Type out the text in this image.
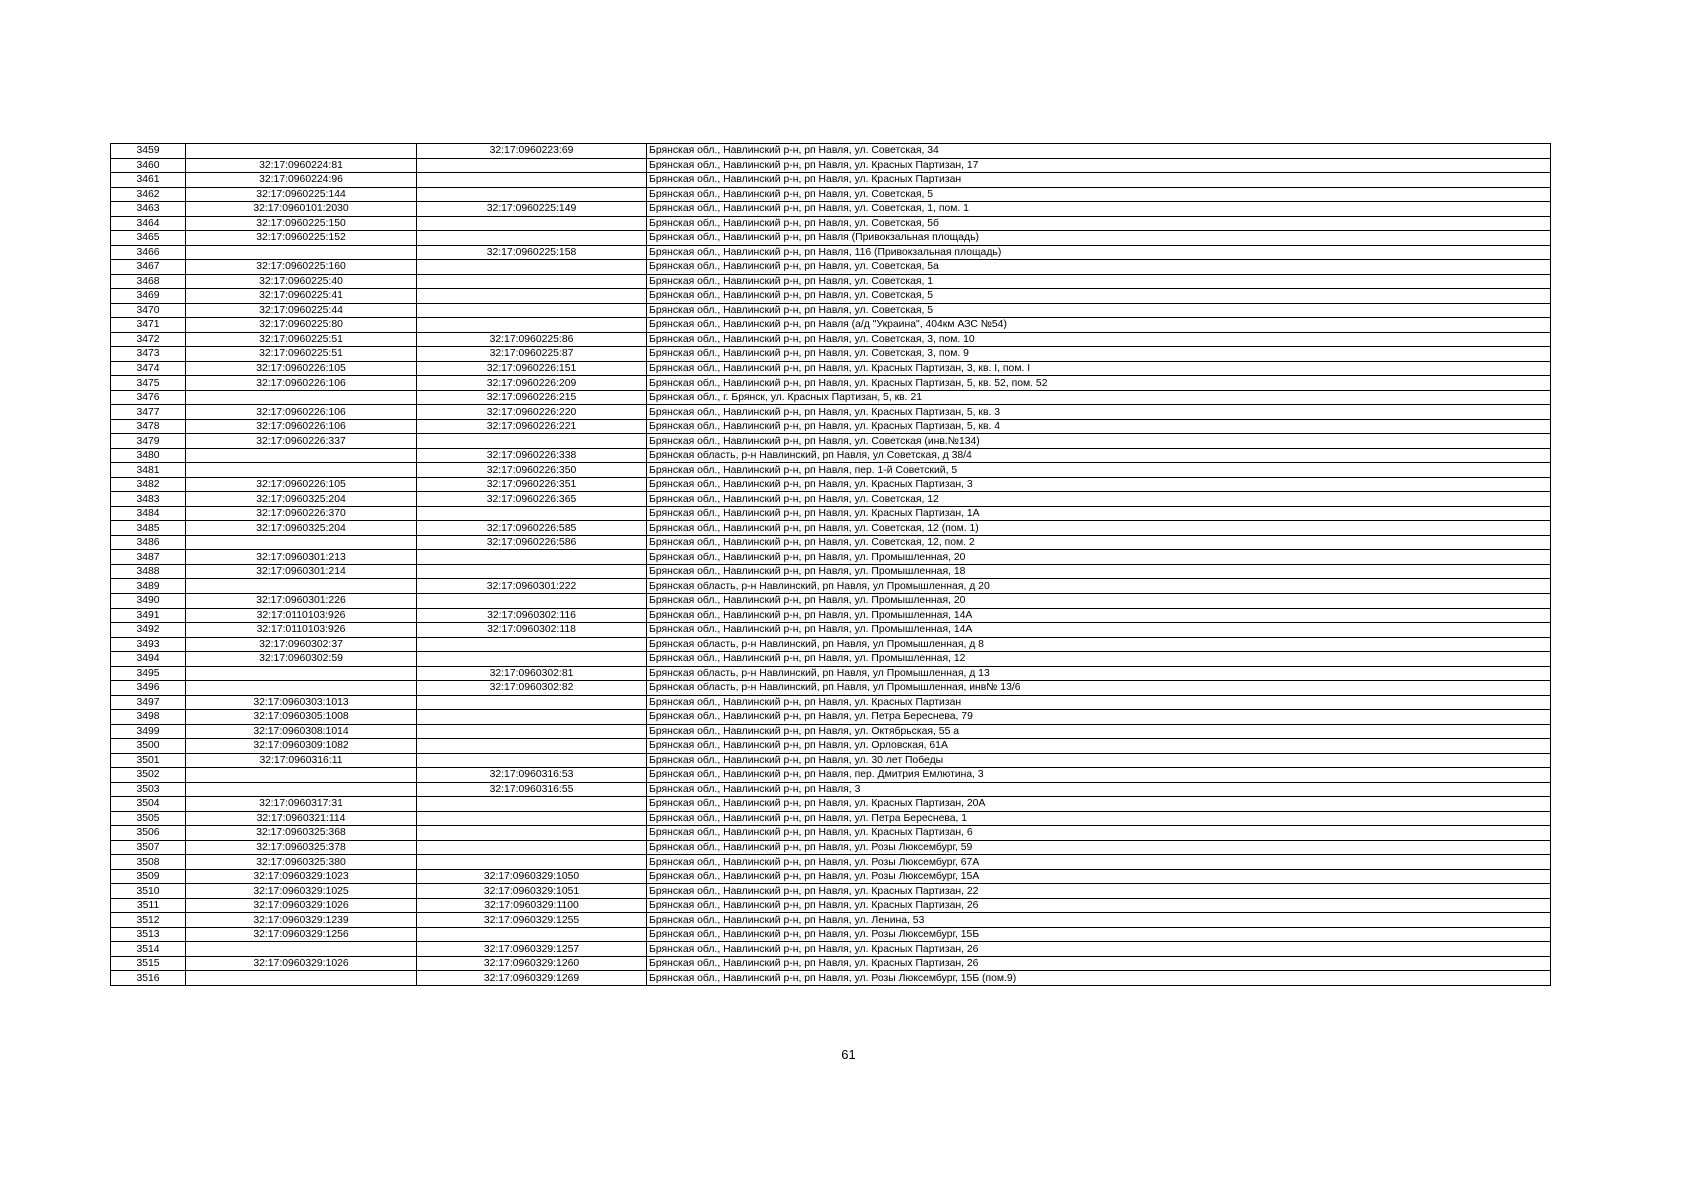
3459		32:17:0960223:69	Брянская обл., Навлинский р-н, рп Навля, ул. Советская, 34
3460	32:17:0960224:81		Брянская обл., Навлинский р-н, рп Навля, ул. Красных Партизан, 17
3461	32:17:0960224:96		Брянская обл., Навлинский р-н, рп Навля, ул. Красных Партизан
3462	32:17:0960225:144		Брянская обл., Навлинский р-н, рп Навля, ул. Советская, 5
3463	32:17:0960101:2030	32:17:0960225:149	Брянская обл., Навлинский р-н, рп Навля, ул. Советская, 1, пом. 1
3464	32:17:0960225:150		Брянская обл., Навлинский р-н, рп Навля, ул. Советская, 5б
3465	32:17:0960225:152		Брянская обл., Навлинский р-н, рп Навля (Привокзальная площадь)
3466		32:17:0960225:158	Брянская обл., Навлинский р-н, рп Навля, 116 (Привокзальная площадь)
3467	32:17:0960225:160		Брянская обл., Навлинский р-н, рп Навля, ул. Советская, 5а
3468	32:17:0960225:40		Брянская обл., Навлинский р-н, рп Навля, ул. Советская, 1
3469	32:17:0960225:41		Брянская обл., Навлинский р-н, рп Навля, ул. Советская, 5
3470	32:17:0960225:44		Брянская обл., Навлинский р-н, рп Навля, ул. Советская, 5
3471	32:17:0960225:80		Брянская обл., Навлинский р-н, рп Навля (а/д "Украина", 404км АЗС №54)
3472	32:17:0960225:51	32:17:0960225:86	Брянская обл., Навлинский р-н, рп Навля, ул. Советская, 3, пом. 10
3473	32:17:0960225:51	32:17:0960225:87	Брянская обл., Навлинский р-н, рп Навля, ул. Советская, 3, пом. 9
3474	32:17:0960226:105	32:17:0960226:151	Брянская обл., Навлинский р-н, рп Навля, ул. Красных Партизан, 3, кв. I, пом. I
3475	32:17:0960226:106	32:17:0960226:209	Брянская обл., Навлинский р-н, рп Навля, ул. Красных Партизан, 5, кв. 52, пом. 52
3476		32:17:0960226:215	Брянская обл., г. Брянск, ул. Красных Партизан, 5, кв. 21
3477	32:17:0960226:106	32:17:0960226:220	Брянская обл., Навлинский р-н, рп Навля, ул. Красных Партизан, 5, кв. 3
3478	32:17:0960226:106	32:17:0960226:221	Брянская обл., Навлинский р-н, рп Навля, ул. Красных Партизан, 5, кв. 4
3479	32:17:0960226:337		Брянская обл., Навлинский р-н, рп Навля, ул. Советская (инв.№134)
3480		32:17:0960226:338	Брянская область, р-н Навлинский, рп Навля, ул Советская, д 38/4
3481		32:17:0960226:350	Брянская обл., Навлинский р-н, рп Навля, пер. 1-й Советский, 5
3482	32:17:0960226:105	32:17:0960226:351	Брянская обл., Навлинский р-н, рп Навля, ул. Красных Партизан, 3
3483	32:17:0960325:204	32:17:0960226:365	Брянская обл., Навлинский р-н, рп Навля, ул. Советская, 12
3484	32:17:0960226:370		Брянская обл., Навлинский р-н, рп Навля, ул. Красных Партизан, 1А
3485	32:17:0960325:204	32:17:0960226:585	Брянская обл., Навлинский р-н, рп Навля, ул. Советская, 12 (пом. 1)
3486		32:17:0960226:586	Брянская обл., Навлинский р-н, рп Навля, ул. Советская, 12, пом. 2
3487	32:17:0960301:213		Брянская обл., Навлинский р-н, рп Навля, ул. Промышленная, 20
3488	32:17:0960301:214		Брянская обл., Навлинский р-н, рп Навля, ул. Промышленная, 18
3489		32:17:0960301:222	Брянская область, р-н Навлинский, рп Навля, ул Промышленная, д 20
3490	32:17:0960301:226		Брянская обл., Навлинский р-н, рп Навля, ул. Промышленная, 20
3491	32:17:0110103:926	32:17:0960302:116	Брянская обл., Навлинский р-н, рп Навля, ул. Промышленная, 14А
3492	32:17:0110103:926	32:17:0960302:118	Брянская обл., Навлинский р-н, рп Навля, ул. Промышленная, 14А
3493	32:17:0960302:37		Брянская область, р-н Навлинский, рп Навля, ул Промышленная, д 8
3494	32:17:0960302:59		Брянская обл., Навлинский р-н, рп Навля, ул. Промышленная, 12
3495		32:17:0960302:81	Брянская область, р-н Навлинский, рп Навля, ул Промышленная, д 13
3496		32:17:0960302:82	Брянская область, р-н Навлинский, рп Навля, ул Промышленная, инв№ 13/6
3497	32:17:0960303:1013		Брянская обл., Навлинский р-н, рп Навля, ул. Красных Партизан
3498	32:17:0960305:1008		Брянская обл., Навлинский р-н, рп Навля, ул. Петра Береснева, 79
3499	32:17:0960308:1014		Брянская обл., Навлинский р-н, рп Навля, ул. Октябрьская, 55 а
3500	32:17:0960309:1082		Брянская обл., Навлинский р-н, рп Навля, ул. Орловская, 61А
3501	32:17:0960316:11		Брянская обл., Навлинский р-н, рп Навля, ул. 30 лет Победы
3502		32:17:0960316:53	Брянская обл., Навлинский р-н, рп Навля, пер. Дмитрия Емлютина, 3
3503		32:17:0960316:55	Брянская обл., Навлинский р-н, рп Навля, 3
3504	32:17:0960317:31		Брянская обл., Навлинский р-н, рп Навля, ул. Красных Партизан, 20А
3505	32:17:0960321:114		Брянская обл., Навлинский р-н, рп Навля, ул. Петра Береснева, 1
3506	32:17:0960325:368		Брянская обл., Навлинский р-н, рп Навля, ул. Красных Партизан, 6
3507	32:17:0960325:378		Брянская обл., Навлинский р-н, рп Навля, ул. Розы Люксембург, 59
3508	32:17:0960325:380		Брянская обл., Навлинский р-н, рп Навля, ул. Розы Люксембург, 67А
3509	32:17:0960329:1023	32:17:0960329:1050	Брянская обл., Навлинский р-н, рп Навля, ул. Розы Люксембург, 15А
3510	32:17:0960329:1025	32:17:0960329:1051	Брянская обл., Навлинский р-н, рп Навля, ул. Красных Партизан, 22
3511	32:17:0960329:1026	32:17:0960329:1100	Брянская обл., Навлинский р-н, рп Навля, ул. Красных Партизан, 26
3512	32:17:0960329:1239	32:17:0960329:1255	Брянская обл., Навлинский р-н, рп Навля, ул. Ленина, 53
3513	32:17:0960329:1256		Брянская обл., Навлинский р-н, рп Навля, ул. Розы Люксембург, 15Б
3514		32:17:0960329:1257	Брянская обл., Навлинский р-н, рп Навля, ул. Красных Партизан, 26
3515	32:17:0960329:1026	32:17:0960329:1260	Брянская обл., Навлинский р-н, рп Навля, ул. Красных Партизан, 26
3516		32:17:0960329:1269	Брянская обл., Навлинский р-н, рп Навля, ул. Розы Люксембург, 15Б (пом.9)
61
